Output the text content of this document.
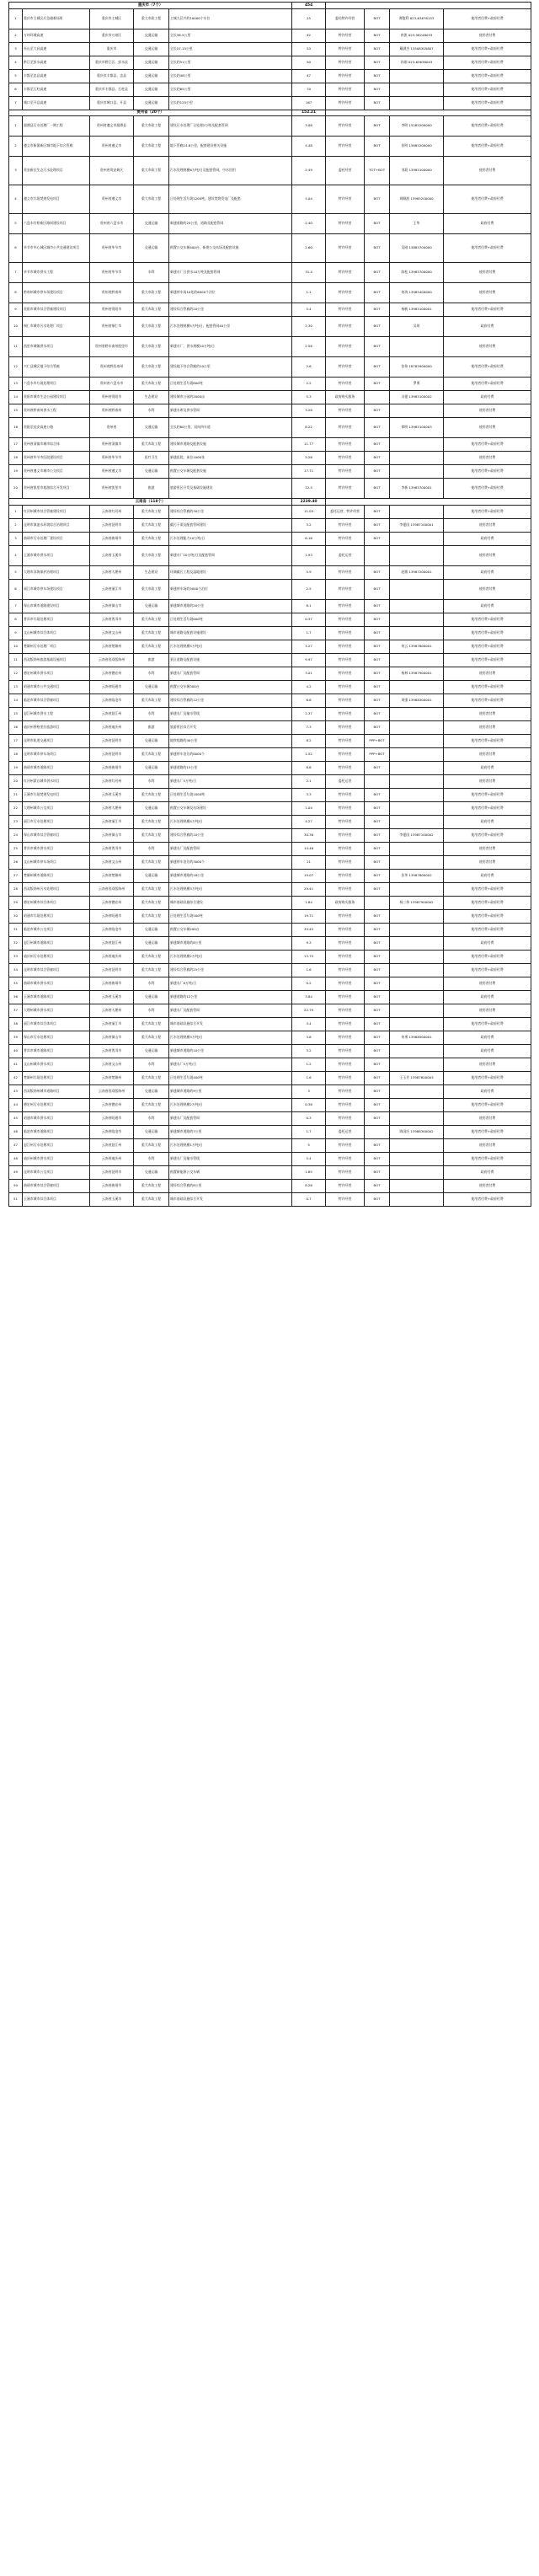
重庆市（7个）					454				
1	重庆市主城区应急避难场所	重庆市主城区	重大市政工程	主城九区共约10000个车位	25	委托特许经营	BOT	谭俊利 023-63676153	使用者付费+政府付费
2	万州环城高速	重庆市万州区	交通运输	全长36.5公里	42	特许经营	BOT	冉凯 023-58248033	使用者付费
3	巫山至大昌高速	重庆市	交通运输	全长57.15公里	53	特许经营	BOT	戴满杰 13508305807	使用者付费+政府付费
4	黔江至彭水高速	重庆市黔江区、彭水县	交通运输	全长约51公里	50	特许经营	BOT	孙刚 023-63638043	使用者付费+政府付费
5	丰都至忠县高速	重庆市丰都县、忠县	交通运输	全长约48公里	47	特许经营	BOT		使用者付费+政府付费
6	丰都至石柱高速	重庆市丰都县、石柱县	交通运输	全长约65公里	70	特许经营	BOT		使用者付费+政府付费
7	城口至开县高速	重庆市城口县、开县	交通运输	全长约125公里	167	特许经营	BOT		使用者付费+政府付费
贵州省（20个）					152.21				
1	湄潭县污水处理厂一期工程	贵州省遵义市湄潭县	重大市政工程	建设污水处理厂日处理2万吨及配套管网	3.08	特许经营	BOT	李明 15285200000	使用者付费+政府付费
2	遵义市新蒲新区城市地下综合管廊	贵州省遵义市	重大市政工程	地下管廊14.6公里，配套建设相关设施	4.48	特许经营	BOT	张明 15885200000	使用者付费+政府付费
3	贵安新区生态污水处理项目	贵州省贵安新区	重大市政工程	污水处理规模6万吨/日及配套管网，中水回用	2.49	委托经营	TOT+BOT	刘晨 13985100000	使用者付费
4	遵义市垃圾焚烧发电项目	贵州省遵义市	重大市政工程	日处理生活垃圾1200吨，建设焚烧发电厂及配套	5.04	特许经营	BOT	周顺波 13985200000	使用者付费+政府付费
5	六盘水红桥新区路网建设项目	贵州省六盘水市	交通运输	新建道路约25公里，道路及配套管网	2.40	特许经营	BOT	王华	政府付费
6	毕节市中心城区城市公共交通建设项目	贵州省毕节市	交通运输	购置公交车辆400台，新建公交站场及配套设施	2.60	特许经营	BOT	吴刚 13885700000	使用者付费+政府付费
7	毕节市城市供水工程	贵州省毕节市	水利	新建水厂日供水10万吨及配套管网	31.4	特许经营	BOT	陈松 13985700000	使用者付费
8	黔南州城市停车场建设项目	贵州省黔南州	重大市政工程	新建停车场10处约6000个泊位	1.1	特许经营	BOT	何涛 13985400000	使用者付费
9	贵阳市城市综合管廊建设项目	贵州省贵阳市	重大市政工程	建设综合管廊约20公里	5.4	特许经营	BOT	杨帆 13985100001	使用者付费+政府付费
10	铜仁市城市污水处理厂项目	贵州省铜仁市	重大市政工程	污水处理规模5万吨/日，配套管网40公里	2.30	特许经营	BOT	吴琼	政府付费
11	凯里市城镇供水项目	贵州省黔东南州凯里市	重大市政工程	新建水厂，供水规模10万吨/日	2.56	特许经营	BOT		使用者付费
12	兴仁县城区地下综合管廊	贵州省黔西南州	重大市政工程	建设地下综合管廊约10公里	2.6	特许经营	BOT	张伟 18785900000	使用者付费+政府付费
13	六盘水市垃圾处理项目	贵州省六盘水市	重大市政工程	日处理生活垃圾800吨	2.2	特许经营	BOT	罗勇	使用者付费+政府付费
14	贵阳市城市生态公园建设项目	贵州省贵阳市	生态建设	建设城市公园约2000亩	5.3	政府购买服务		冯建 13985100002	政府付费
15	贵州省黔南州供水工程	贵州省黔南州	水利	新建水库及供水管网	3.28	特许经营	BOT		使用者付费
16	贵阳至瓮安高速公路	贵州省	交通运输	全长约80公里，双向四车道	8.22	特许经营	BOT	徐明 13985100003	使用者付费
17	贵州省清镇市城市综合体	贵州省清镇市	重大市政工程	建设城市道路及配套设施	11.77	特许经营	BOT		使用者付费+政府付费
18	贵州省毕节市医院建设项目	贵州省毕节市	医疗卫生	新建医院，床位1000张	5.26	特许经营	BOT		使用者付费
19	贵州省遵义市城市公交项目	贵州省遵义市	交通运输	购置公交车辆及配套设施	17.71	特许经营	BOT		使用者付费+政府付费
20	贵州省凯里市旅游综合开发项目	贵州省凯里市	旅游	旅游景区开发及基础设施建设	12.5	特许经营	BOT	李新 13985700001	使用者付费+政府付费
云南省（118个）					2239.40				
1	红河州城市综合管廊建设项目	云南省红河州	重大市政工程	建设综合管廊约30公里	11.05	委托运营、特许经营	BOT		使用者付费+政府付费
2	昆明市滇池水环境综合治理项目	云南省昆明市	重大市政工程	截污干渠及配套管网建设	3.2	特许经营	BOT	李建国 13987100001	使用者付费
3	曲靖市污水处理厂建设项目	云南省曲靖市	重大市政工程	污水处理能力10万吨/日	6.16	特许经营	BOT		政府付费
4	玉溪市城市供水项目	云南省玉溪市	重大市政工程	新建水厂10万吨/日及配套管网	1.93	委托运营			使用者付费
5	大理市洱海保护治理项目	云南省大理州	生态建设	环湖截污工程及湿地建设	5.9	特许经营	BOT	赵敏 13987200001	政府付费
6	丽江市城市停车场建设项目	云南省丽江市	重大市政工程	新建停车场约5000个泊位	2.5	特许经营	BOT		使用者付费
7	保山市城市道路建设项目	云南省保山市	交通运输	新建城市道路约20公里	8.1	特许经营	BOT		政府付费
8	普洱市垃圾处理项目	云南省普洱市	重大市政工程	日处理生活垃圾600吨	0.37	特许经营	BOT		使用者付费+政府付费
9	文山州城市综合体项目	云南省文山州	重大市政工程	城市道路及配套设施建设	1.7	特许经营	BOT		使用者付费+政府付费
10	楚雄州污水处理厂项目	云南省楚雄州	重大市政工程	污水处理规模5万吨/日	1.27	特许经营	BOT	何云 13987800001	使用者付费+政府付费
11	西双版纳州旅游基础设施项目	云南省西双版纳州	旅游	景区道路及配套设施	9.97	特许经营	BOT		使用者付费+政府付费
12	德宏州城市供水项目	云南省德宏州	水利	新建水厂及配套管网	3.01	特许经营	BOT	杨林 13987900001	使用者付费
13	昭通市城市公共交通项目	云南省昭通市	交通运输	购置公交车辆300台	4.2	特许经营	BOT		使用者付费+政府付费
14	临沧市城市综合管廊项目	云南省临沧市	重大市政工程	建设综合管廊约12公里	6.6	特许经营	BOT	周强 13988300001	使用者付费+政府付费
15	怒江州城市供水工程	云南省怒江州	水利	新建水厂及输水管线	2.37	特许经营	BOT		使用者付费
16	迪庆州香格里拉旅游项目	云南省迪庆州	旅游	旅游景区综合开发	7.3	特许经营	BOT		使用者付费
17	昆明市轨道交通项目	云南省昆明市	交通运输	地铁线路约40公里	8.2	特许经营	PPP+BOT		使用者付费+政府付费
18	昆明市城市停车场项目	云南省昆明市	重大市政工程	新建停车泊位约8000个	1.52	特许经营	PPP+BOT		使用者付费
19	曲靖市城市道路项目	云南省曲靖市	交通运输	新建道路约15公里	8.6	特许经营	BOT		政府付费
20	红河州蒙自城市供水项目	云南省红河州	水利	新建水厂5万吨/日	2.1	委托运营			使用者付费
21	玉溪市垃圾焚烧发电项目	云南省玉溪市	重大市政工程	日处理生活垃圾1000吨	3.3	特许经营	BOT		使用者付费+政府付费
22	大理州城市公交项目	云南省大理州	交通运输	购置公交车辆及站场建设	1.04	特许经营	BOT		使用者付费+政府付费
23	丽江市污水处理项目	云南省丽江市	重大市政工程	污水处理规模4万吨/日	4.27	特许经营	BOT		政府付费
24	保山市城市综合管廊项目	云南省保山市	重大市政工程	建设综合管廊约10公里	30.36	特许经营	BOT	李建国 13987100002	使用者付费+政府付费
25	普洱市城市供水项目	云南省普洱市	水利	新建水厂及配套管网	14.46	特许经营	BOT		使用者付费
26	文山州城市停车场项目	云南省文山州	重大市政工程	新建停车泊位约3000个	21	特许经营	BOT		使用者付费
27	楚雄州城市道路项目	云南省楚雄州	交通运输	新建城市道路约18公里	19.07	特许经营	BOT	张华 13987800002	政府付费
28	西双版纳州污水处理项目	云南省西双版纳州	重大市政工程	污水处理规模3万吨/日	29.41	特许经营	BOT		使用者付费+政府付费
29	德宏州城市综合体项目	云南省德宏州	重大市政工程	城市基础设施综合建设	1.84	政府购买服务		杨三伟 13987900002	使用者付费+政府付费
30	昭通市垃圾处理项目	云南省昭通市	重大市政工程	日处理生活垃圾500吨	19.71	特许经营	BOT		使用者付费+政府付费
31	临沧市城市公交项目	云南省临沧市	交通运输	购置公交车辆200台	35.45	特许经营	BOT		使用者付费+政府付费
32	怒江州城市道路项目	云南省怒江州	交通运输	新建城市道路约8公里	9.3	特许经营	BOT		政府付费
33	迪庆州污水处理项目	云南省迪庆州	重大市政工程	污水处理规模2万吨/日	13.75	特许经营	BOT		使用者付费+政府付费
34	昆明市城市综合管廊项目	云南省昆明市	重大市政工程	建设综合管廊约25公里	1.6	特许经营	BOT		使用者付费+政府付费
35	曲靖市城市供水项目	云南省曲靖市	水利	新建水厂8万吨/日	0.2	特许经营	BOT		使用者付费
36	玉溪市城市道路项目	云南省玉溪市	交通运输	新建道路约12公里	3.84	特许经营	BOT		政府付费
37	大理州城市供水项目	云南省大理州	水利	新建水厂及配套管网	22.79	特许经营	BOT		使用者付费
38	丽江市城市综合体项目	云南省丽江市	重大市政工程	城市基础设施综合开发	3.4	特许经营	BOT		使用者付费+政府付费
39	保山市污水处理项目	云南省保山市	重大市政工程	污水处理规模3万吨/日	3.8	特许经营	BOT	何勇 13988500001	政府付费
40	普洱市城市道路项目	云南省普洱市	交通运输	新建城市道路约10公里	3.2	特许经营	BOT		政府付费
41	文山州城市供水项目	云南省文山州	水利	新建水厂5万吨/日	1.2	特许经营	BOT		使用者付费
42	楚雄州垃圾处理项目	云南省楚雄州	重大市政工程	日处理生活垃圾400吨	1.6	特许经营	BOT	王玉芳 13987800003	使用者付费+政府付费
43	西双版纳州城市道路项目	云南省西双版纳州	交通运输	新建城市道路约9公里	3	特许经营	BOT		政府付费
44	德宏州污水处理项目	云南省德宏州	重大市政工程	污水处理规模2万吨/日	0.36	特许经营	BOT		使用者付费+政府付费
45	昭通市城市供水项目	云南省昭通市	水利	新建水厂及配套管网	0.3	特许经营	BOT		使用者付费
46	临沧市城市道路项目	云南省临沧市	交通运输	新建城市道路约7公里	1.7	委托运营		陈国庆 13988300002	使用者付费+政府付费
47	怒江州污水处理项目	云南省怒江州	重大市政工程	污水处理规模1万吨/日	5	特许经营	BOT		使用者付费
48	迪庆州城市供水项目	云南省迪庆州	水利	新建水厂及输水管线	5.4	特许经营	BOT		使用者付费+政府付费
49	昆明市城市公交项目	云南省昆明市	交通运输	购置新能源公交车辆	1.65	特许经营	BOT		政府付费
50	曲靖市城市综合管廊项目	云南省曲靖市	重大市政工程	建设综合管廊约8公里	8.26	特许经营	BOT		使用者付费
51	玉溪市城市综合体项目	云南省玉溪市	重大市政工程	城市基础设施综合开发	0.7	特许经营	BOT		使用者付费+政府付费
